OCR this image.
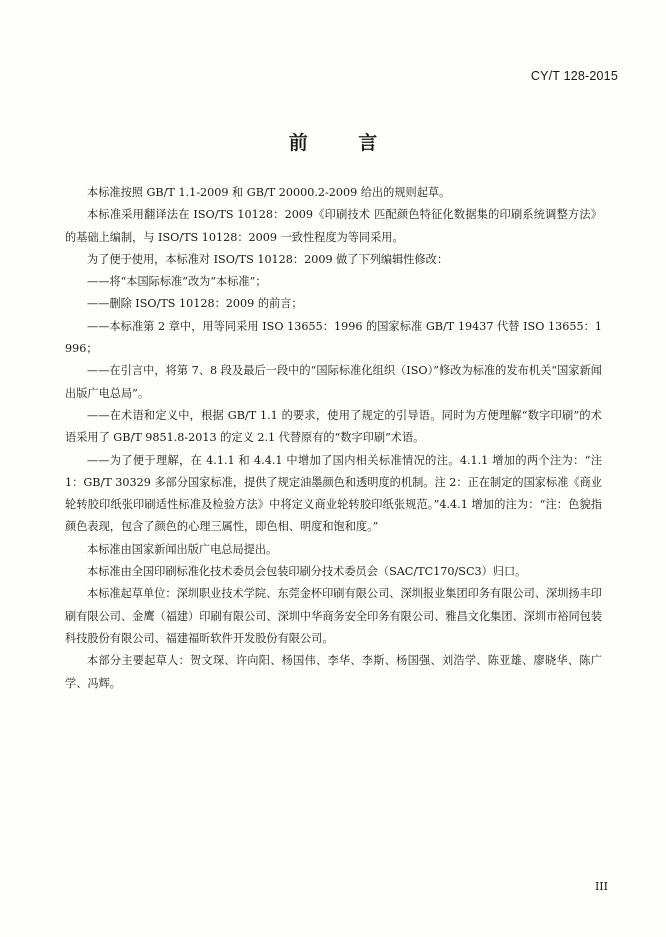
CY/T 128-2015
前 言

本标准按照 GB/T 1.1-2009 和 GB/T 20000.2-2009 给出的规则起草。

本标准采用翻译法在 ISO/TS 10128：2009《印刷技术 匹配颜色特征化数据集的印刷系统调整方法》的基础上编制，与 ISO/TS 10128：2009 一致性程度为等同采用。

为了便于使用，本标准对 ISO/TS 10128：2009 做了下列编辑性修改：

——将“本国际标准”改为“本标准”；

——删除 ISO/TS 10128：2009 的前言；

——本标准第 2 章中，用等同采用 ISO 13655：1996 的国家标准 GB/T 19437 代替 ISO 13655：1996；

——在引言中，将第 7、8 段及最后一段中的“国际标准化组织（ISO）”修改为标准的发布机关“国家新闻出版广电总局”。

——在术语和定义中，根据 GB/T 1.1 的要求，使用了规定的引导语。同时为方便理解“数字印刷”的术语采用了 GB/T 9851.8-2013 的定义 2.1 代替原有的“数字印刷”术语。

——为了便于理解，在 4.1.1 和 4.4.1 中增加了国内相关标准情况的注。4.1.1 增加的两个注为：“注 1：GB/T 30329 多部分国家标准，提供了规定油墨颜色和透明度的机制。注 2：正在制定的国家标准《商业轮转胶印纸张印刷适性标准及检验方法》中将定义商业轮转胶印纸张规范。”4.4.1 增加的注为：“注：色貌指颜色表现，包含了颜色的心理三属性，即色相、明度和饱和度。”

本标准由国家新闻出版广电总局提出。

本标准由全国印刷标准化技术委员会包装印刷分技术委员会（SAC/TC170/SC3）归口。

本标准起草单位：深圳职业技术学院、东莞金杯印刷有限公司、深圳报业集团印务有限公司、深圳扬丰印刷有限公司、金鹰（福建）印刷有限公司、深圳中华商务安全印务有限公司、雅昌文化集团、深圳市裕同包装科技股份有限公司、福建福昕软件开发股份有限公司。

本部分主要起草人：贺文琛、许向阳、杨国伟、李华、李斯、杨国强、刘浩学、陈亚雄、廖晓华、陈广学、冯辉。

III
